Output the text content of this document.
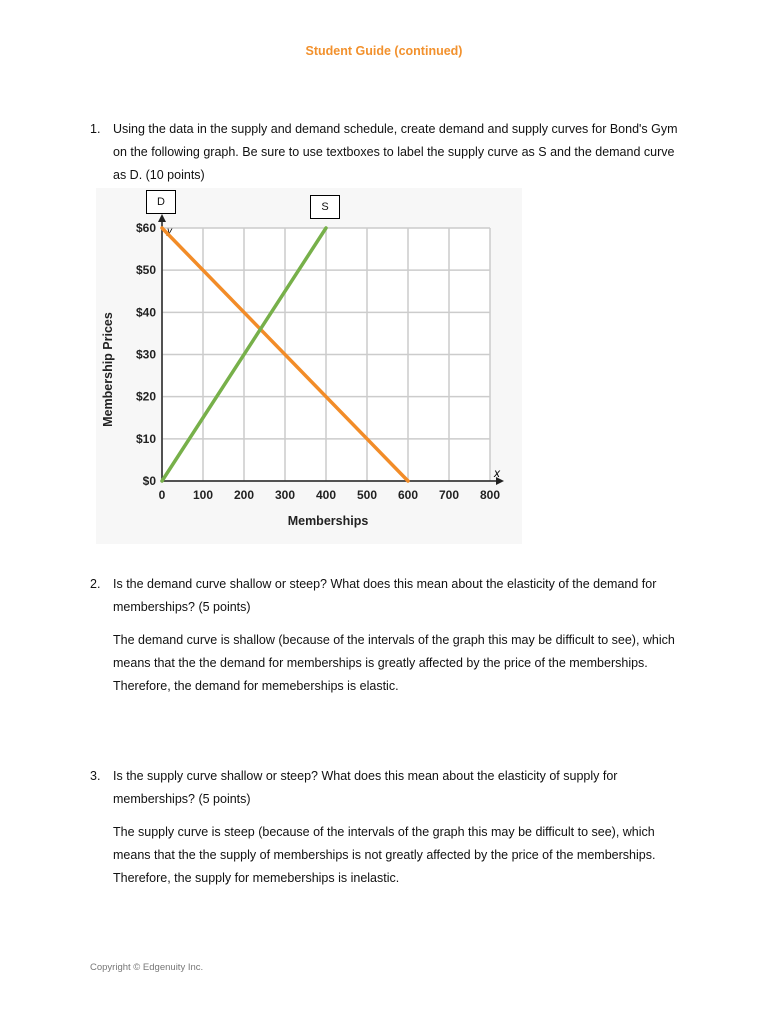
Student Guide (continued)
1. Using the data in the supply and demand schedule, create demand and supply curves for Bond's Gym on the following graph. Be sure to use textboxes to label the supply curve as S and the demand curve as D. (10 points)
x
y
0 100 200 300 400 500 600 700 800
$0
$10
$20
$30
$40
$50
$60
Memberships
Membership Prices
D	S
2. Is the demand curve shallow or steep? What does this mean about the elasticity of the demand for memberships? (5 points)
The demand curve is shallow (because of the intervals of the graph this may be difficult to see), which means that the the demand for memberships is greatly affected by the price of the memberships. Therefore, the demand for memeberships is elastic.
3. Is the supply curve shallow or steep? What does this mean about the elasticity of supply for memberships? (5 points)
The supply curve is steep (because of the intervals of the graph this may be difficult to see), which means that the the supply of memberships is not greatly affected by the price of the memberships. Therefore, the supply for memeberships is inelastic.
Copyright © Edgenuity Inc.
